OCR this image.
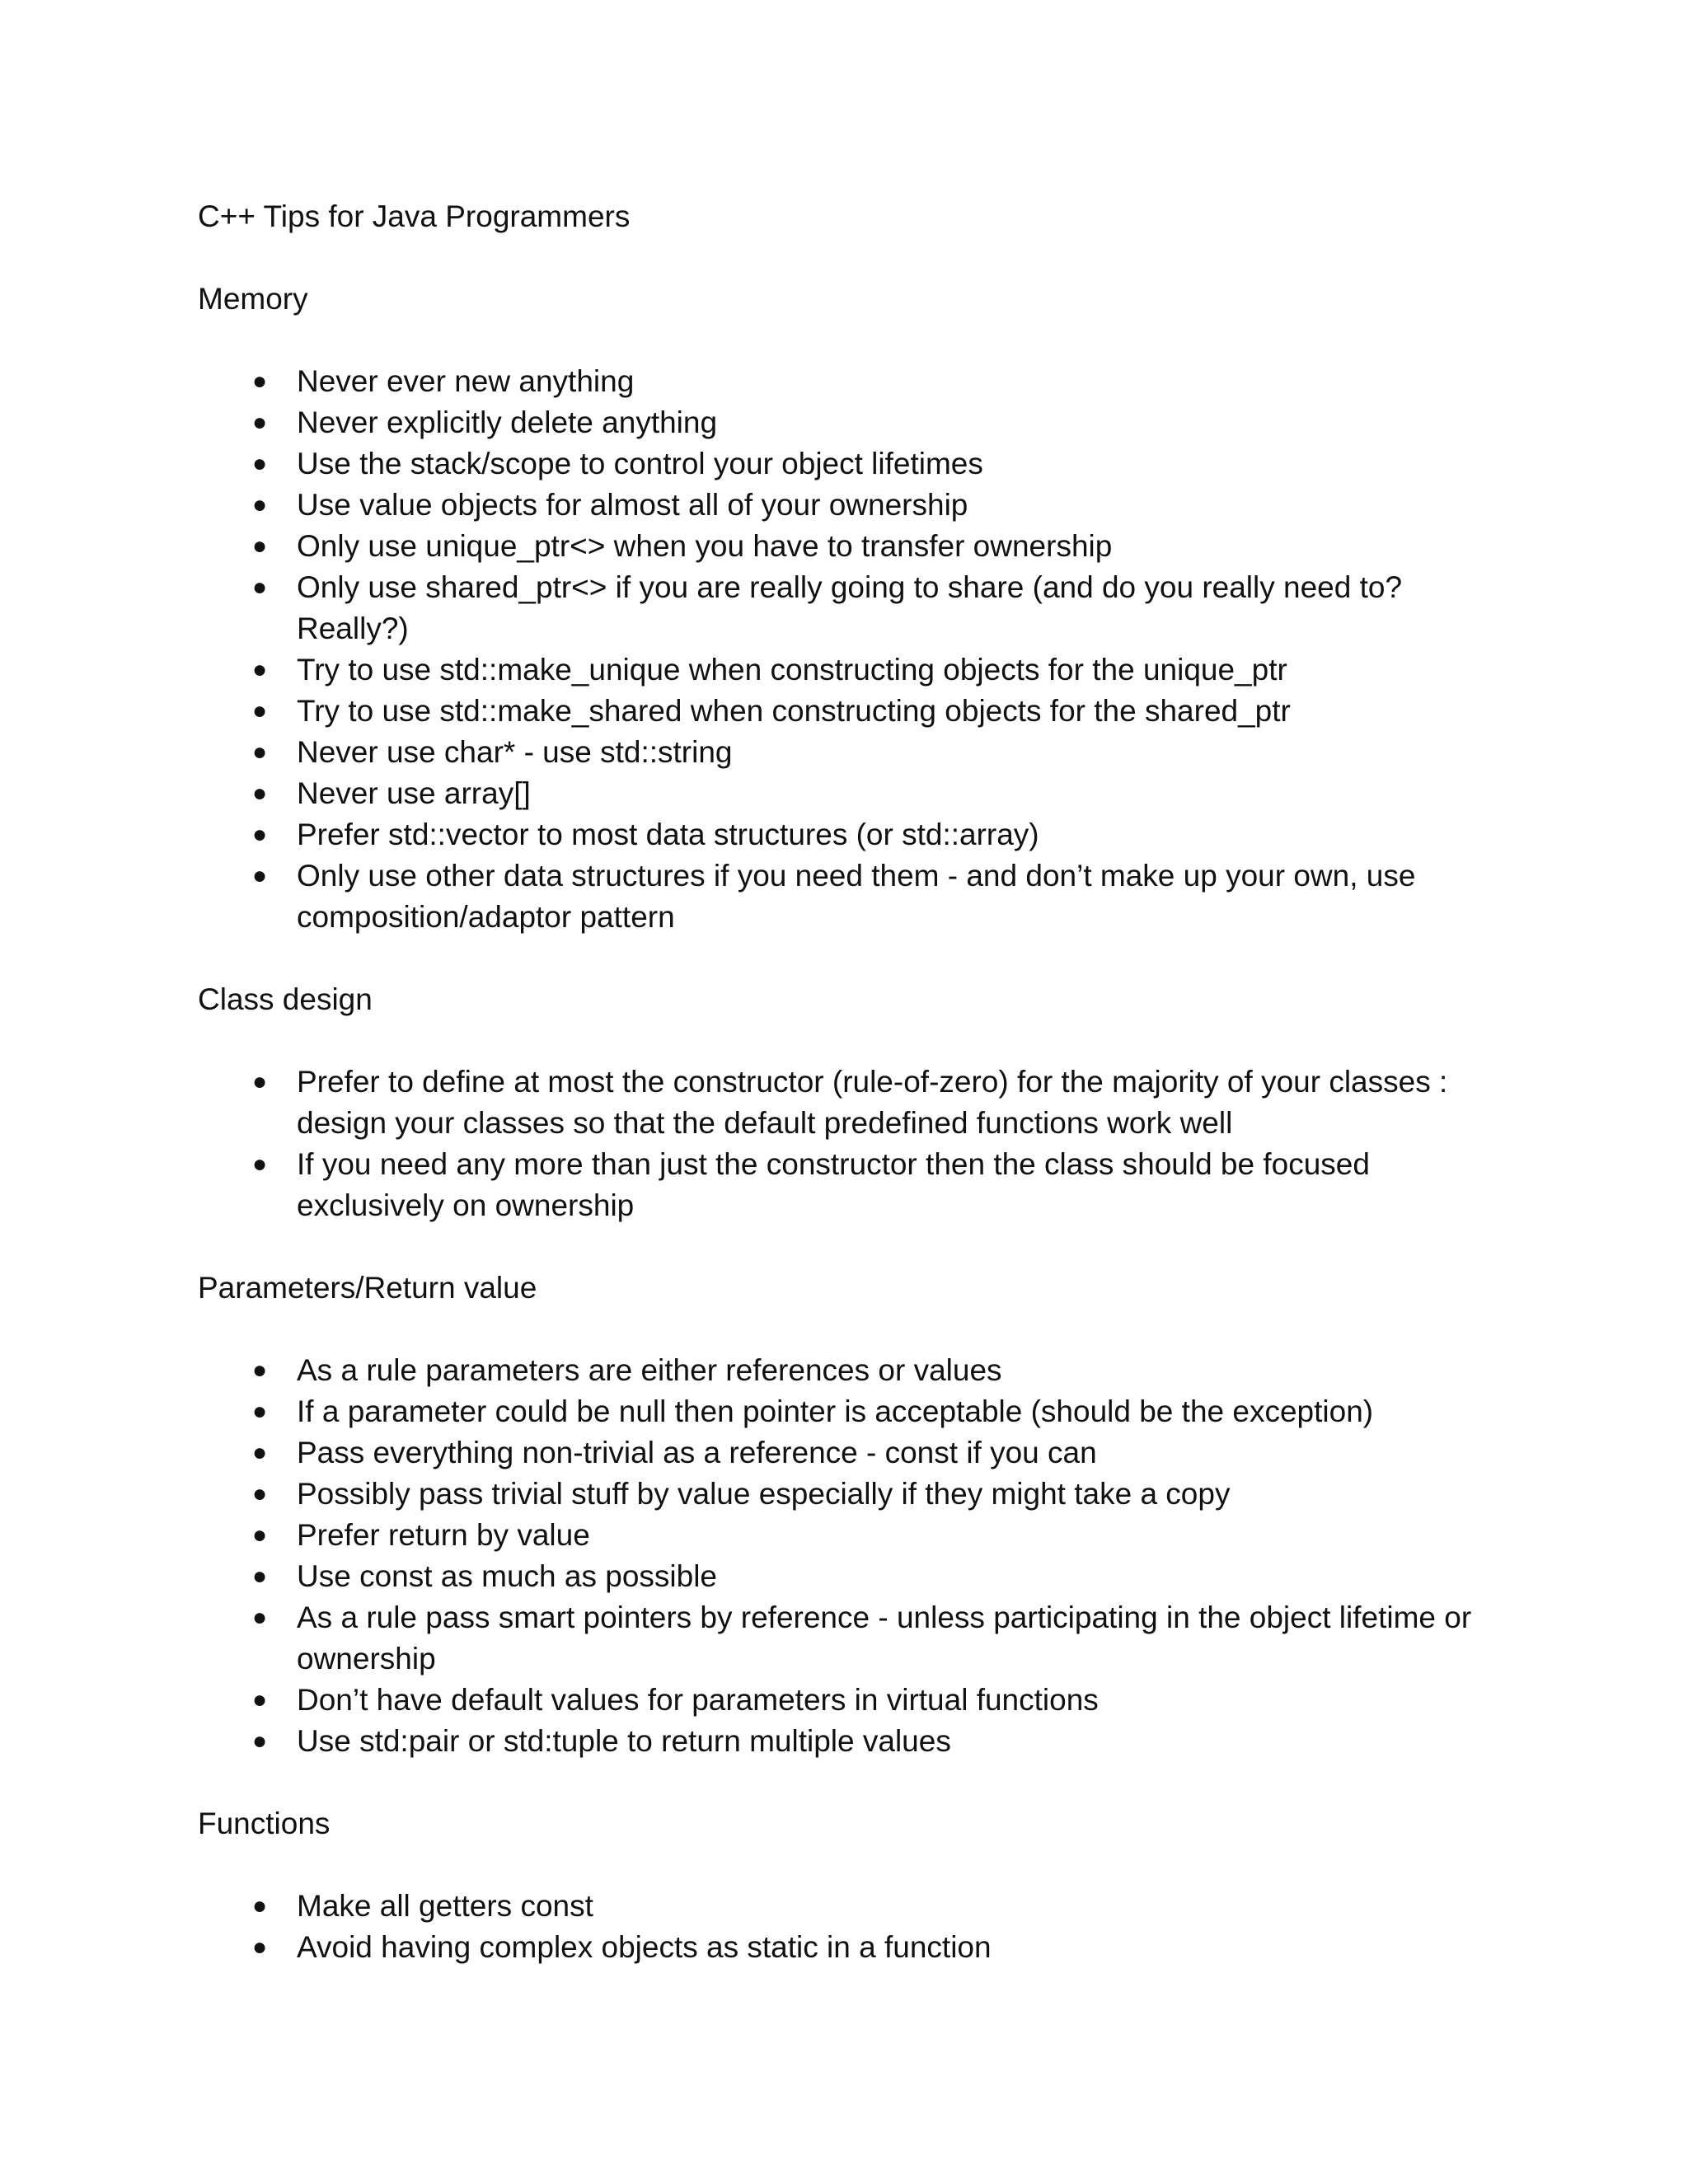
C++ Tips for Java Programmers
Memory
● Never ever new anything
● Never explicitly delete anything
● Use the stack/scope to control your object lifetimes
● Use value objects for almost all of your ownership
● Only use unique_ptr<> when you have to transfer ownership
● Only use shared_ptr<> if you are really going to share (and do you really need to? Really?)
● Try to use std::make_unique when constructing objects for the unique_ptr
● Try to use std::make_shared when constructing objects for the shared_ptr
● Never use char* - use std::string
● Never use array[]
● Prefer std::vector to most data structures (or std::array)
● Only use other data structures if you need them - and don’t make up your own, use composition/adaptor pattern
Class design
● Prefer to define at most the constructor (rule-of-zero) for the majority of your classes : design your classes so that the default predefined functions work well
● If you need any more than just the constructor then the class should be focused exclusively on ownership
Parameters/Return value
● As a rule parameters are either references or values
● If a parameter could be null then pointer is acceptable (should be the exception)
● Pass everything non-trivial as a reference - const if you can
● Possibly pass trivial stuff by value especially if they might take a copy
● Prefer return by value
● Use const as much as possible
● As a rule pass smart pointers by reference - unless participating in the object lifetime or ownership
● Don’t have default values for parameters in virtual functions
● Use std:pair or std:tuple to return multiple values
Functions
● Make all getters const
● Avoid having complex objects as static in a function
